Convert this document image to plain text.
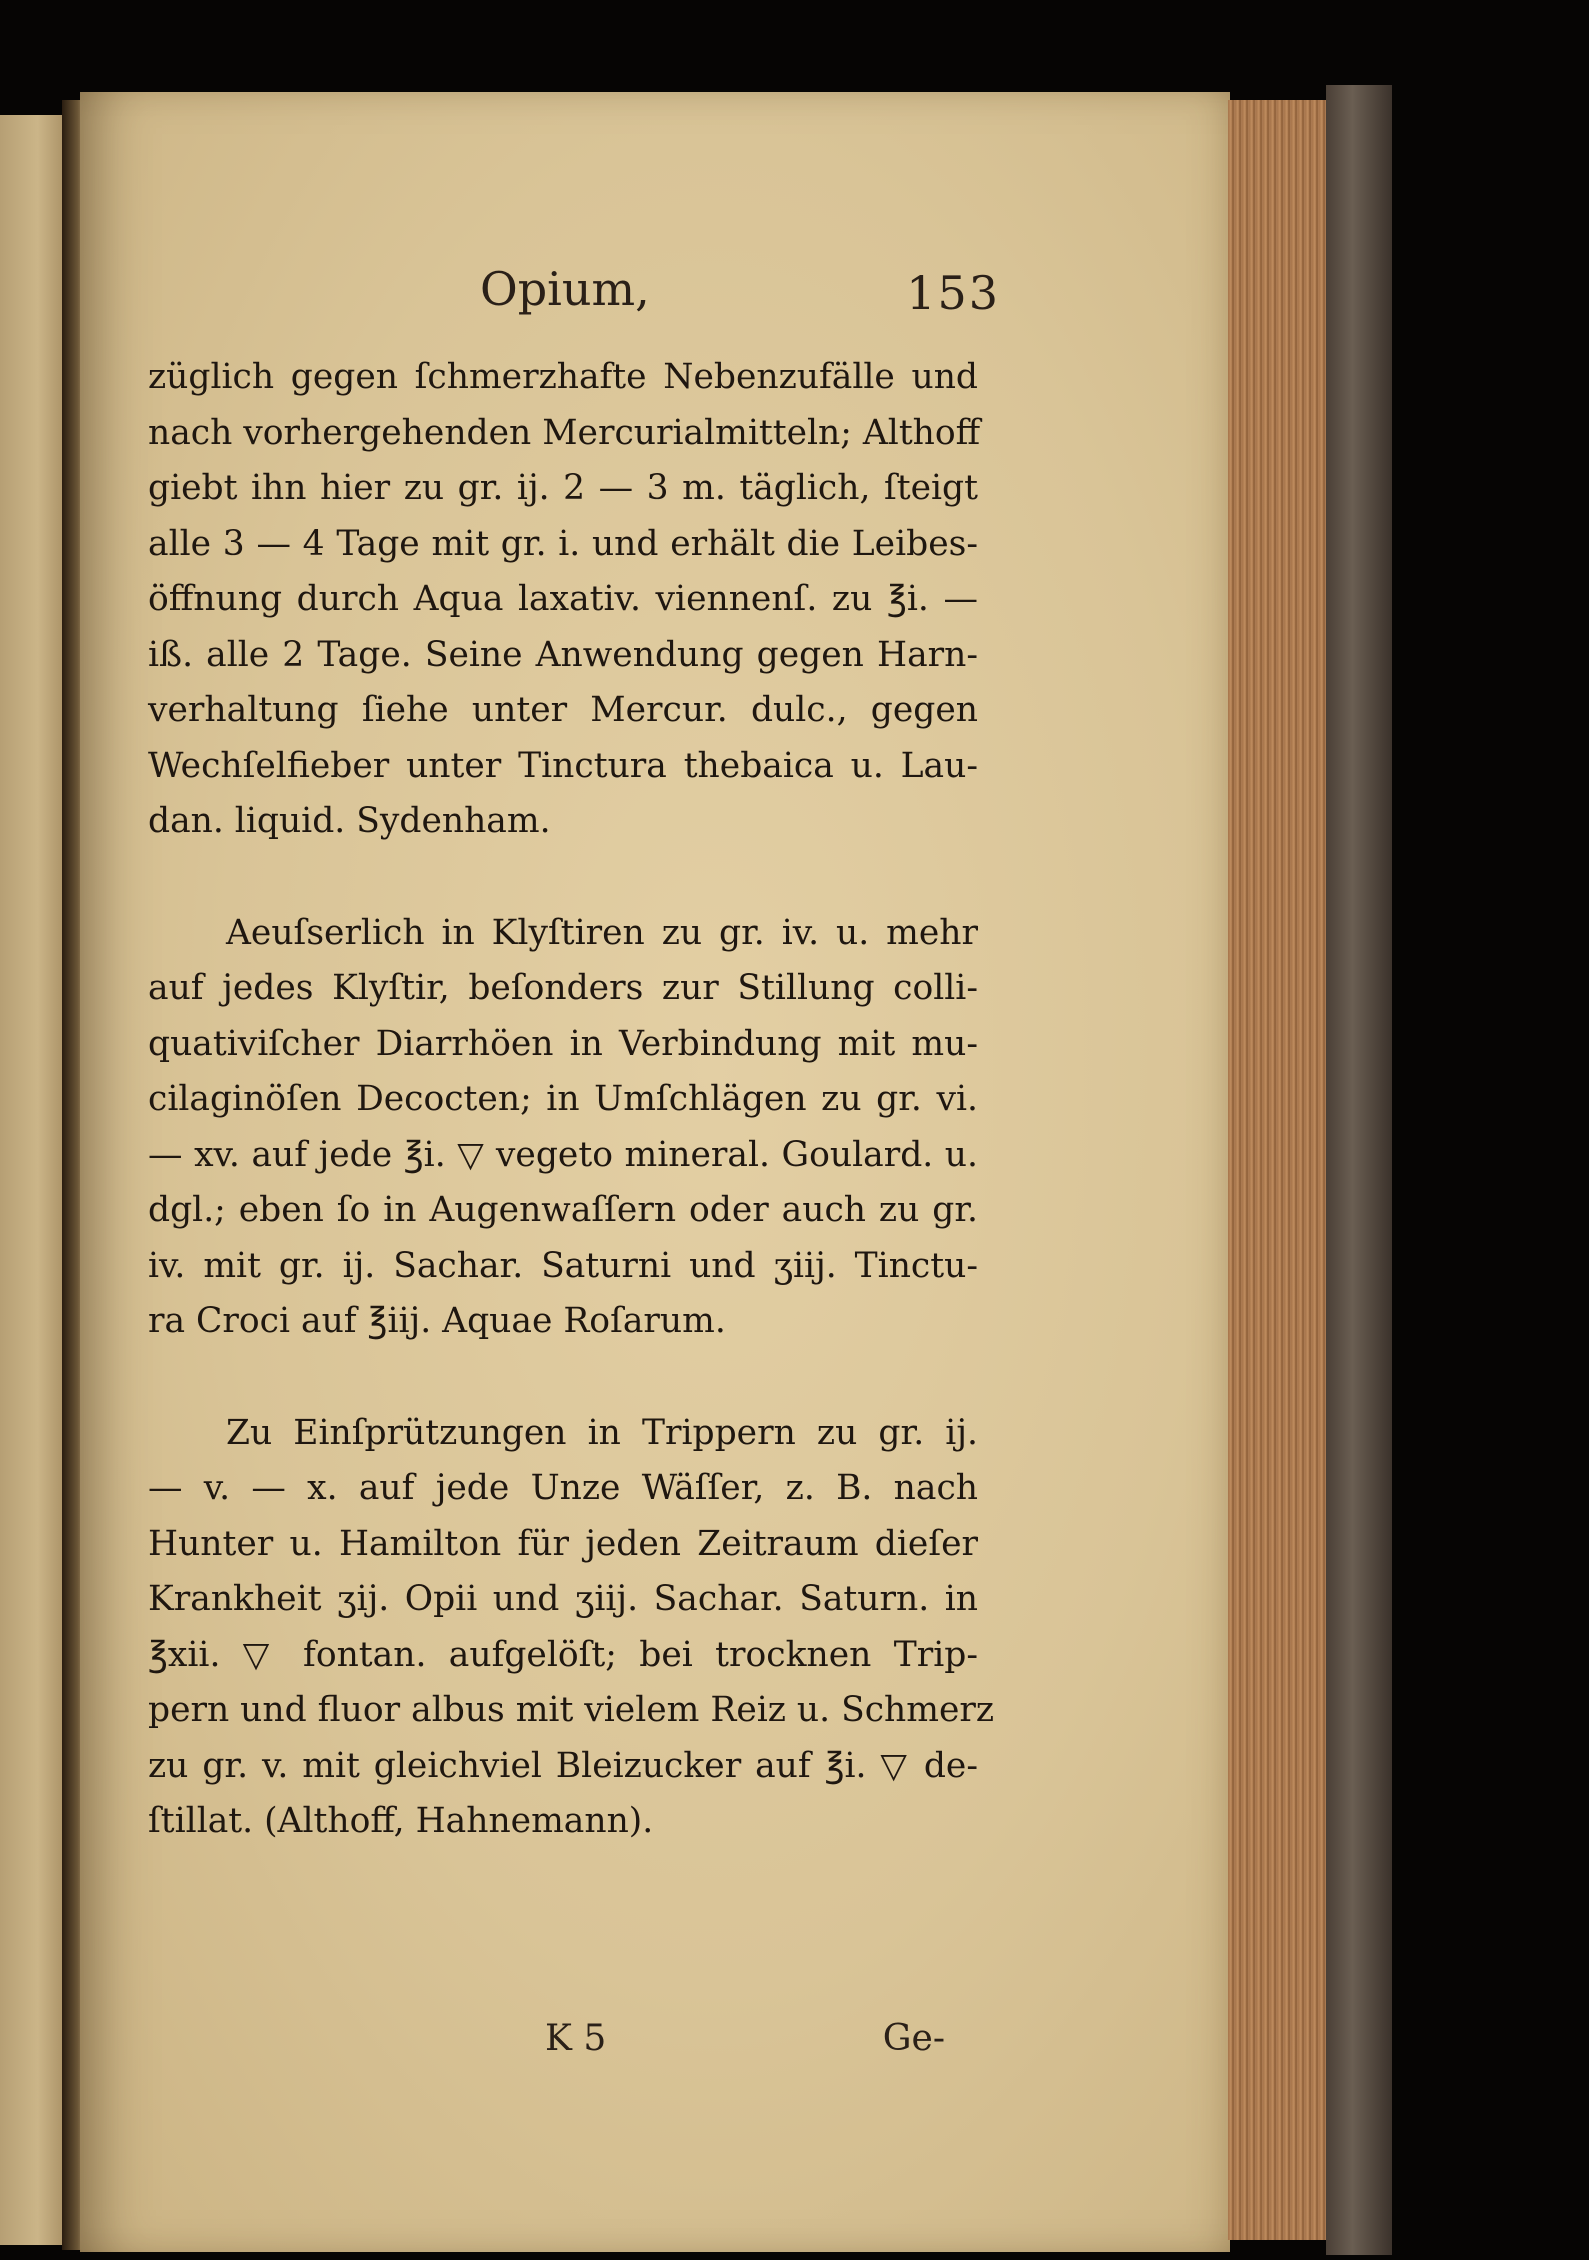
Opium,	153
züglich gegen ſchmerzhafte Nebenzufälle und
nach vorhergehenden Mercurialmitteln; Althoff
giebt ihn hier zu gr. ij. 2 — 3 m. täglich, ſteigt
alle 3 — 4 Tage mit gr. i. und erhält die Leibes-
öffnung durch Aqua laxativ. viennenſ. zu ℥i. —
iß. alle 2 Tage. Seine Anwendung gegen Harn-
verhaltung ſiehe unter Mercur. dulc., gegen
Wechſelfieber unter Tinctura thebaica u. Lau-
dan. liquid. Sydenham.
Aeuſserlich in Klyſtiren zu gr. iv. u. mehr
auf jedes Klyſtir, beſonders zur Stillung colli-
quativiſcher Diarrhöen in Verbindung mit mu-
cilaginöſen Decocten; in Umſchlägen zu gr. vi.
— xv. auf jede ℥i. ▽ vegeto mineral. Goulard. u.
dgl.; eben ſo in Augenwaſſern oder auch zu gr.
iv. mit gr. ij. Sachar. Saturni und ʒiij. Tinctu-
ra Croci auf ℥iij. Aquae Roſarum.
Zu Einſprützungen in Trippern zu gr. ij.
— v. — x. auf jede Unze Wäſſer, z. B. nach
Hunter u. Hamilton für jeden Zeitraum dieſer
Krankheit ʒij. Opii und ʒiij. Sachar. Saturn. in
℥xii. ▽ fontan. aufgelöſt; bei trocknen Trip-
pern und fluor albus mit vielem Reiz u. Schmerz
zu gr. v. mit gleichviel Bleizucker auf ℥i. ▽ de-
ſtillat. (Althoff, Hahnemann).
K 5	Ge-
